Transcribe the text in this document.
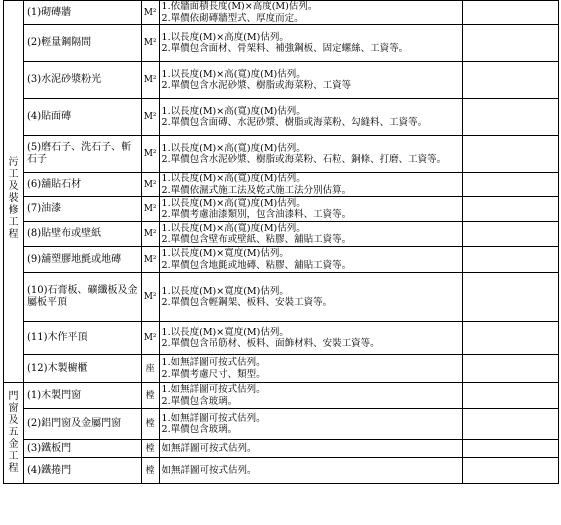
污工及裝修工程	(1)砌磚牆	M²	1.依牆面積長度(M)×高度(M)估列。
2.單價依砌磚牆型式、厚度而定。	

	(2)輕量鋼隔間	M²	1.以長度(M)×高度(M)估列。
2.單價包含面材、骨架料、補強鋼板、固定螺絲、工資等。	

	(3)水泥砂漿粉光	M²	1.以長度(M)×高(寬)度(M)估列。
2.單價包含水泥砂漿、樹脂或海菜粉、工資等	

	(4)貼面磚	M²	1.以長度(M)×高(寬)度(M)估列。
2.單價包含面磚、水泥砂漿、樹脂或海菜粉、勾縫料、工資等。	

	(5)磨石子、洗石子、斬石子	M²	1.以長度(M)×高(寬)度(M)估列。
2.單價包含水泥砂漿、樹脂或海菜粉、石粒、銅條、打磨、工資等。	

	(6)舖貼石材	M²	1.以長度(M)×高(寬)度(M)估列。
2.單價依濕式施工法及乾式施工法分別估算。	

	(7)油漆	M²	1.以長度(M)×高(寬)度(M)估列。
2.單價考慮油漆類別，包含油漆料、工資等。	

	(8)貼壁布或壁紙	M²	1.以長度(M)×高(寬)度(M)估列。
2.單價包含壁布或壁紙、粘膠、舖貼工資等。	

	(9)舖塑膠地氈或地磚	M²	1.以長度(M)×寬度(M)估列。
2.單價包含地氈或地磚、粘膠、舖貼工資等。	

	(10)石膏板、礦纖板及金屬板平頂	M²	1.以長度(M)×寬度(M)估列。
2.單價包含輕鋼架、板料、安裝工資等。	

	(11)木作平頂	M²	1.以長度(M)×寬度(M)估列。
2.單價包含吊筋材、板料、面飾材料、安裝工資等。	

	(12)木製櫥櫃	座	1.如無詳圖可按式估列。
2.單價考慮尺寸、類型。	

門窗及五金工程	(1)木製門窗	樘	1.如無詳圖可按式估列。
2.單價包含玻璃。	

	(2)鋁門窗及金屬門窗	樘	1.如無詳圖可按式估列。
2.單價包含玻璃。	

	(3)鐵板門	樘	如無詳圖可按式估列。	

	(4)鐵捲門	樘	如無詳圖可按式估列。	
